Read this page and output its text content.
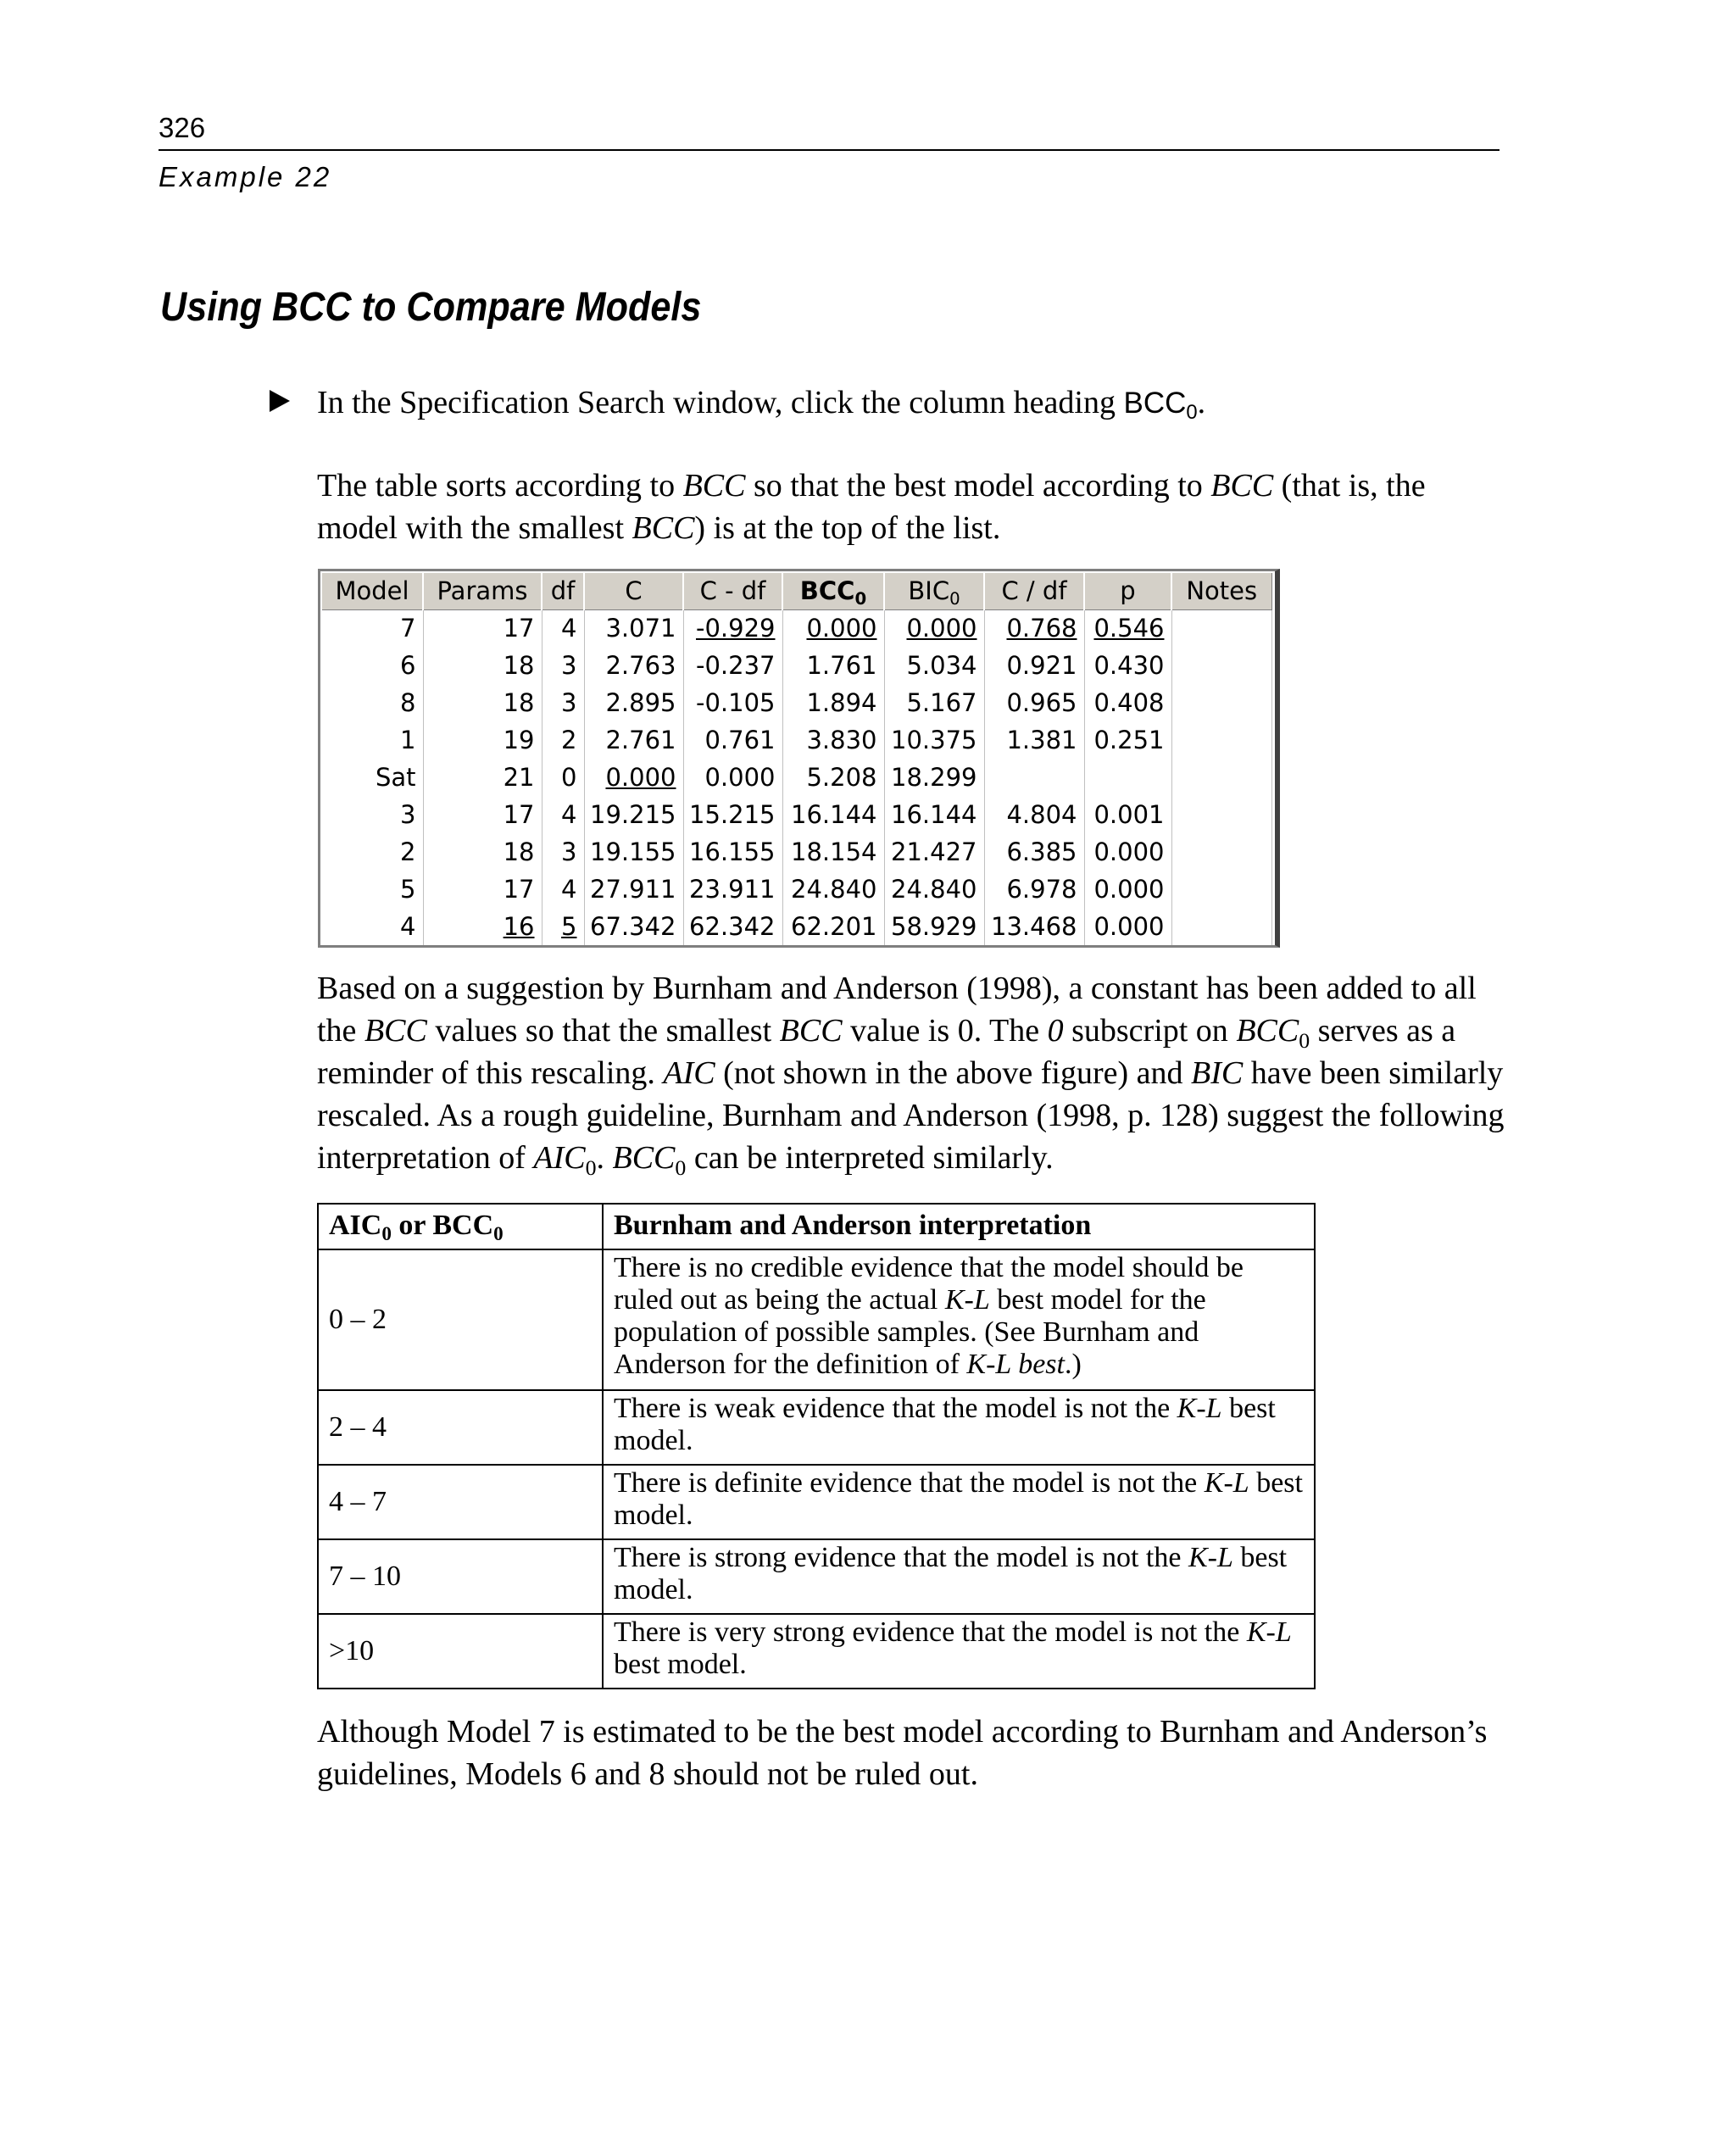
326
Example 22
Using BCC to Compare Models
In the Specification Search window, click the column heading $BCC_0$.
The table sorts according to BCC so that the best model according to BCC (that is, the model with the smallest BCC) is at the top of the list.
Model	Params	df	C	C - df	$BCC_0$	$BIC_0$	C / df	p	Notes
7	17	4	3.071	-0.929	0.000	0.000	0.768	0.546	
6	18	3	2.763	-0.237	1.761	5.034	0.921	0.430	
8	18	3	2.895	-0.105	1.894	5.167	0.965	0.408	
1	19	2	2.761	0.761	3.830	10.375	1.381	0.251	
Sat	21	0	0.000	0.000	5.208	18.299			
3	17	4	19.215	15.215	16.144	16.144	4.804	0.001	
2	18	3	19.155	16.155	18.154	21.427	6.385	0.000	
5	17	4	27.911	23.911	24.840	24.840	6.978	0.000	
4	16	5	67.342	62.342	62.201	58.929	13.468	0.000	
Based on a suggestion by Burnham and Anderson (1998), a constant has been added to all the BCC values so that the smallest BCC value is 0. The 0 subscript on $BCC_0$ serves as a reminder of this rescaling. AIC (not shown in the above figure) and BIC have been similarly rescaled. As a rough guideline, Burnham and Anderson (1998, p. 128) suggest the following interpretation of $AIC_0$. $BCC_0$ can be interpreted similarly.
$AIC_0$ or $BCC_0$	Burnham and Anderson interpretation
0 – 2	There is no credible evidence that the model should be ruled out as being the actual K-L best model for the population of possible samples. (See Burnham and Anderson for the definition of K-L best.)
2 – 4	There is weak evidence that the model is not the K-L best model.
4 – 7	There is definite evidence that the model is not the K-L best model.
7 – 10	There is strong evidence that the model is not the K-L best model.
>10	There is very strong evidence that the model is not the K-L best model.
Although Model 7 is estimated to be the best model according to Burnham and Anderson’s guidelines, Models 6 and 8 should not be ruled out.
